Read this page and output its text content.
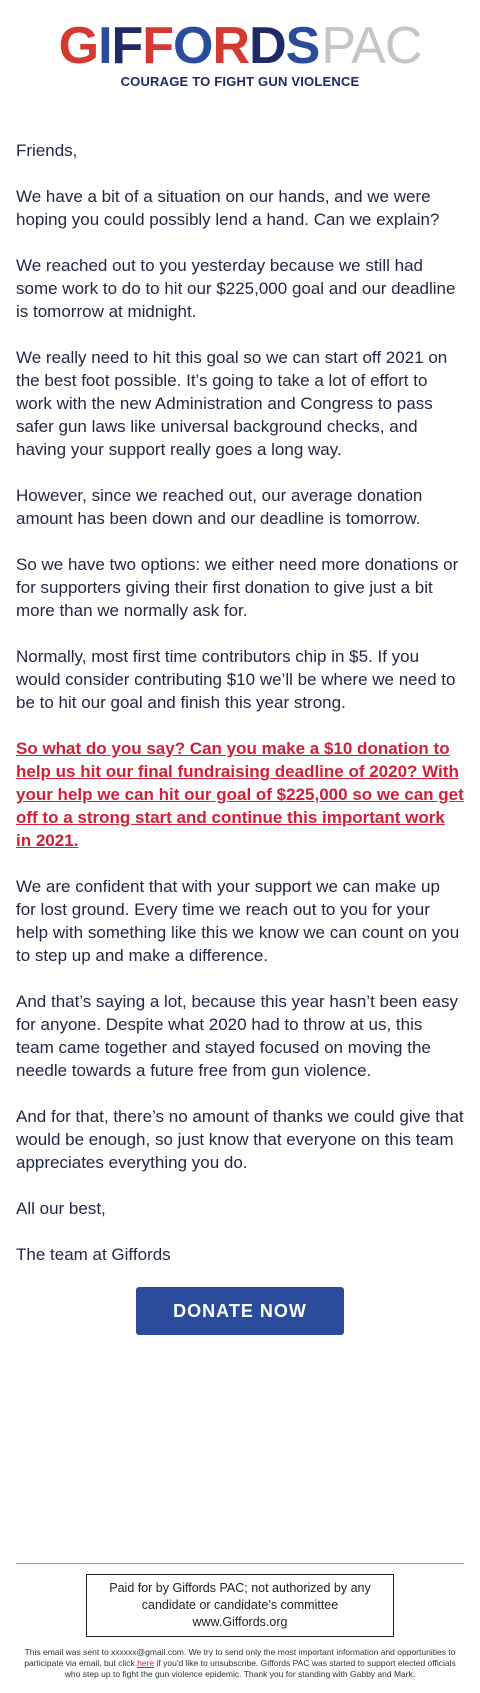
GIFFORDS PAC
COURAGE TO FIGHT GUN VIOLENCE

Friends,

We have a bit of a situation on our hands, and we were hoping you could possibly lend a hand. Can we explain?

We reached out to you yesterday because we still had some work to do to hit our $225,000 goal and our deadline is tomorrow at midnight.

We really need to hit this goal so we can start off 2021 on the best foot possible. It’s going to take a lot of effort to work with the new Administration and Congress to pass safer gun laws like universal background checks, and having your support really goes a long way.

However, since we reached out, our average donation amount has been down and our deadline is tomorrow.

So we have two options: we either need more donations or for supporters giving their first donation to give just a bit more than we normally ask for.

Normally, most first time contributors chip in $5. If you would consider contributing $10 we’ll be where we need to be to hit our goal and finish this year strong.

So what do you say? Can you make a $10 donation to help us hit our final fundraising deadline of 2020? With your help we can hit our goal of $225,000 so we can get off to a strong start and continue this important work in 2021.

We are confident that with your support we can make up for lost ground. Every time we reach out to you for your help with something like this we know we can count on you to step up and make a difference.

And that’s saying a lot, because this year hasn’t been easy for anyone. Despite what 2020 had to throw at us, this team came together and stayed focused on moving the needle towards a future free from gun violence.

And for that, there’s no amount of thanks we could give that would be enough, so just know that everyone on this team appreciates everything you do.

All our best,

The team at Giffords

DONATE NOW
Paid for by Giffords PAC; not authorized by any candidate or candidate’s committee
www.Giffords.org
This email was sent to xxxxxx@gmail.com. We try to send only the most important information and opportunities to participate via email, but click here if you'd like to unsubscribe. Giffords PAC was started to support elected officials who step up to fight the gun violence epidemic. Thank you for standing with Gabby and Mark.
